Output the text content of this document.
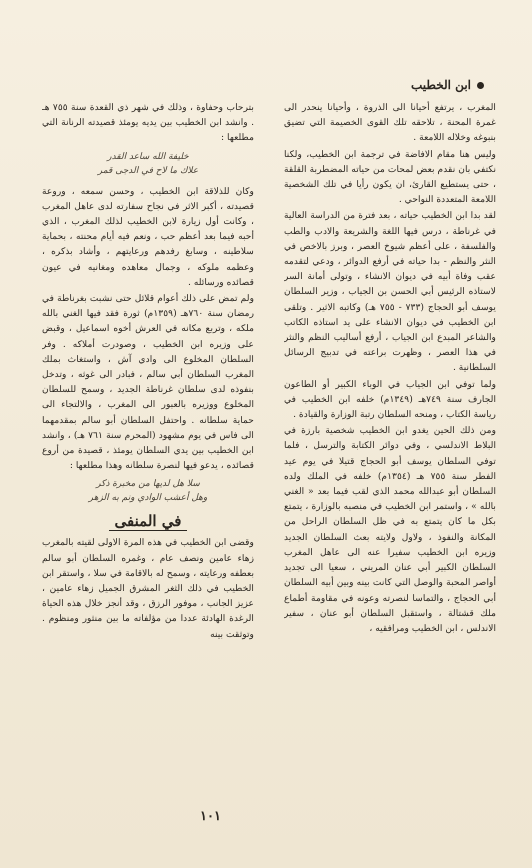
ابن الخطيب

المغرب ، يرتفع أحيانا الى الذروة ، وأحيانا ينحدر الى غمرة المحنة ، تلاحقه تلك القوى الخصيمة التي تضيق بنبوغه وخلاله اللامعة .

وليس هنا مقام الافاضة في ترجمة ابن الخطيب، ولكنا نكتفي بان نقدم بعض لمحات من حياته المضطربة القلقة ، حتى يستطيع القارئ، ان يكون رأيا في تلك الشخصية اللامعة المتعددة النواحي .

لقد بدا ابن الخطيب حياته ، بعد فترة من الدراسة العالية في غرناطة ، درس فيها اللغة والشريعة والادب والطب والفلسفة ، على أعظم شيوخ العصر ، وبرز بالاخص في النثر والنظم - بدا حياته في أرفع الدوائر ، ودعي لتقدمه عقب وفاة أبيه في ديوان الانشاء ، وتولى أمانة السر لاستاذه الرئيس أبي الحسن بن الجياب ، وزير السلطان يوسف أبو الحجاج (٧٣٣ - ٧٥٥ هـ) وكاتبه الاثير . وتلقى ابن الخطيب في ديوان الانشاء على يد استاذه الكاتب والشاعر المبدع ابن الجياب ، أرفع أساليب النظم والنثر في هذا العصر ، وظهرت براعته في تدبيج الرسائل السلطانية .

ولما توفي ابن الجياب في الوباء الكبير أو الطاعون الجارف سنة ٧٤٩هـ (١٣٤٩م) خلفه ابن الخطيب في رياسة الكتاب ، ومنحه السلطان رتبة الوزارة والقيادة .

ومن ذلك الحين يغدو ابن الخطيب شخصية بارزة في البلاط الاندلسي ، وفي دوائر الكتابة والترسل ، فلما توفي السلطان يوسف أبو الحجاج قتيلا في يوم عيد الفطر سنة ٧٥٥ هـ (١٣٥٤م) خلفه في الملك ولده السلطان أبو عبدالله محمد الذي لقب فيما بعد « الغني بالله » ، واستمر ابن الخطيب في منصبه بالوزارة ، يتمتع بكل ما كان يتمتع به في ظل السلطان الراحل من المكانة والنفوذ ، ولاول ولايته بعث السلطان الجديد وزيره ابن الخطيب سفيرا عنه الى عاهل المغرب السلطان الكبير أبي عنان المريني ، سعيا الى تجديد أواصر المحبة والوصل التي كانت بينه وبين أبيه السلطان أبي الحجاج ، والتماسا لنصرته وعونه في مقاومة أطماع ملك قشتالة ، واستقبل السلطان أبو عنان ، سفير الاندلس ، ابن الخطيب ومرافقيه ،

بترحاب وحفاوة ، وذلك في شهر ذي القعدة سنة ٧٥٥ هـ . وانشد ابن الخطيب بين يديه يومئذ قصيدته الرنانة التي مطلعها :

خليفة الله ساعد القدر
علاك ما لاح في الدجى قمر

وكان للذلاقة ابن الخطيب ، وحسن سمعه ، وروعة قصيدته ، أكبر الاثر في نجاح سفارته لدى عاهل المغرب ، وكانت أول زيارة لابن الخطيب لذلك المغرب ، الذي أحبه فيما بعد أعظم حب ، ونعم فيه أيام محنته ، بحماية سلاطينه ، وسابغ رفدهم ورعايتهم ، وأشاد بذكره ، وعظمه ملوكه ، وجمال معاهده ومغانيه في عيون قصائده ورسائله .

ولم تمض على ذلك أعوام قلائل حتى نشبت بغرناطة في رمضان سنة ٧٦٠هـ (١٣٥٩م) ثورة فقد فيها الغني بالله ملكه ، وتربع مكانه في العرش أخوه اسماعيل ، وقبض على وزيره ابن الخطيب ، وصودرت أملاكه . وفر السلطان المخلوع الى وادي آش ، واستغاث بملك المغرب السلطان أبي سالم ، فبادر الى غوثه ، وتدخل بنفوذه لدى سلطان غرناطة الجديد ، وسمح للسلطان المخلوع ووزيره بالعبور الى المغرب ، والالتجاء الى حماية سلطانه . واحتفل السلطان أبو سالم بمقدمهما الى فاس في يوم مشهود (المحرم سنة ٧٦١ هـ) ، وانشد ابن الخطيب بين يدي السلطان يومئذ ، قصيدة من أروع قصائده ، يدعو فيها لنصرة سلطانه وهذا مطلعها :

سلا هل لديها من مخبرة ذكر
وهل أعشب الوادي ونم به الزهر
في المنفى

وقضى ابن الخطيب في هذه المرة الاولى لقيته بالمغرب زهاء عامين ونصف عام ، وغمره السلطان أبو سالم بعطفه ورعايته ، وسمح له بالاقامة في سلا ، واستقر ابن الخطيب في ذلك الثغر المشرق الجميل زهاء عامين ، عزيز الجانب ، موفور الرزق ، وقد أنجز خلال هذه الحياة الرغدة الهادئة عددا من مؤلفاته ما بين منثور ومنظوم . وتوثقت بينه

١٠١
